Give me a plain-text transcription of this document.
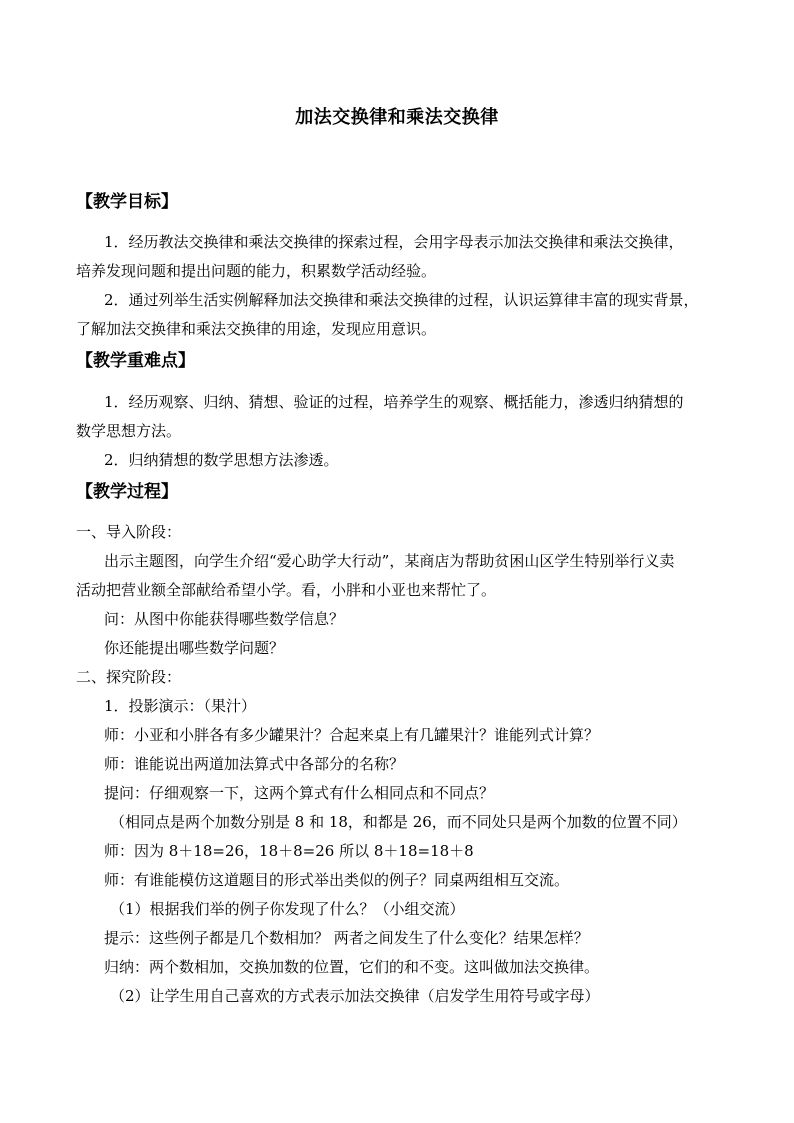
加法交换律和乘法交换律
【教学目标】
1．经历教法交换律和乘法交换律的探索过程，会用字母表示加法交换律和乘法交换律，
培养发现问题和提出问题的能力，积累数学活动经验。
2．通过列举生活实例解释加法交换律和乘法交换律的过程，认识运算律丰富的现实背景，
了解加法交换律和乘法交换律的用途，发现应用意识。
【教学重难点】
1．经历观察、归纳、猜想、验证的过程，培养学生的观察、概括能力，渗透归纳猜想的
数学思想方法。
2．归纳猜想的数学思想方法渗透。
【教学过程】
一、导入阶段：
出示主题图，向学生介绍“爱心助学大行动”，某商店为帮助贫困山区学生特别举行义卖
活动把营业额全部献给希望小学。看，小胖和小亚也来帮忙了。
问：从图中你能获得哪些数学信息？
你还能提出哪些数学问题？
二、探究阶段：
1．投影演示：（果汁）
师：小亚和小胖各有多少罐果汁？合起来桌上有几罐果汁？谁能列式计算？
师：谁能说出两道加法算式中各部分的名称？
提问：仔细观察一下，这两个算式有什么相同点和不同点？
（相同点是两个加数分别是 8 和 18，和都是 26，而不同处只是两个加数的位置不同）
师：因为 8＋18=26，18＋8=26 所以 8＋18=18＋8
师：有谁能模仿这道题目的形式举出类似的例子？同桌两组相互交流。
（1）根据我们举的例子你发现了什么？（小组交流）
提示：这些例子都是几个数相加？ 两者之间发生了什么变化？结果怎样？
归纳：两个数相加，交换加数的位置，它们的和不变。这叫做加法交换律。
（2）让学生用自己喜欢的方式表示加法交换律（启发学生用符号或字母）
